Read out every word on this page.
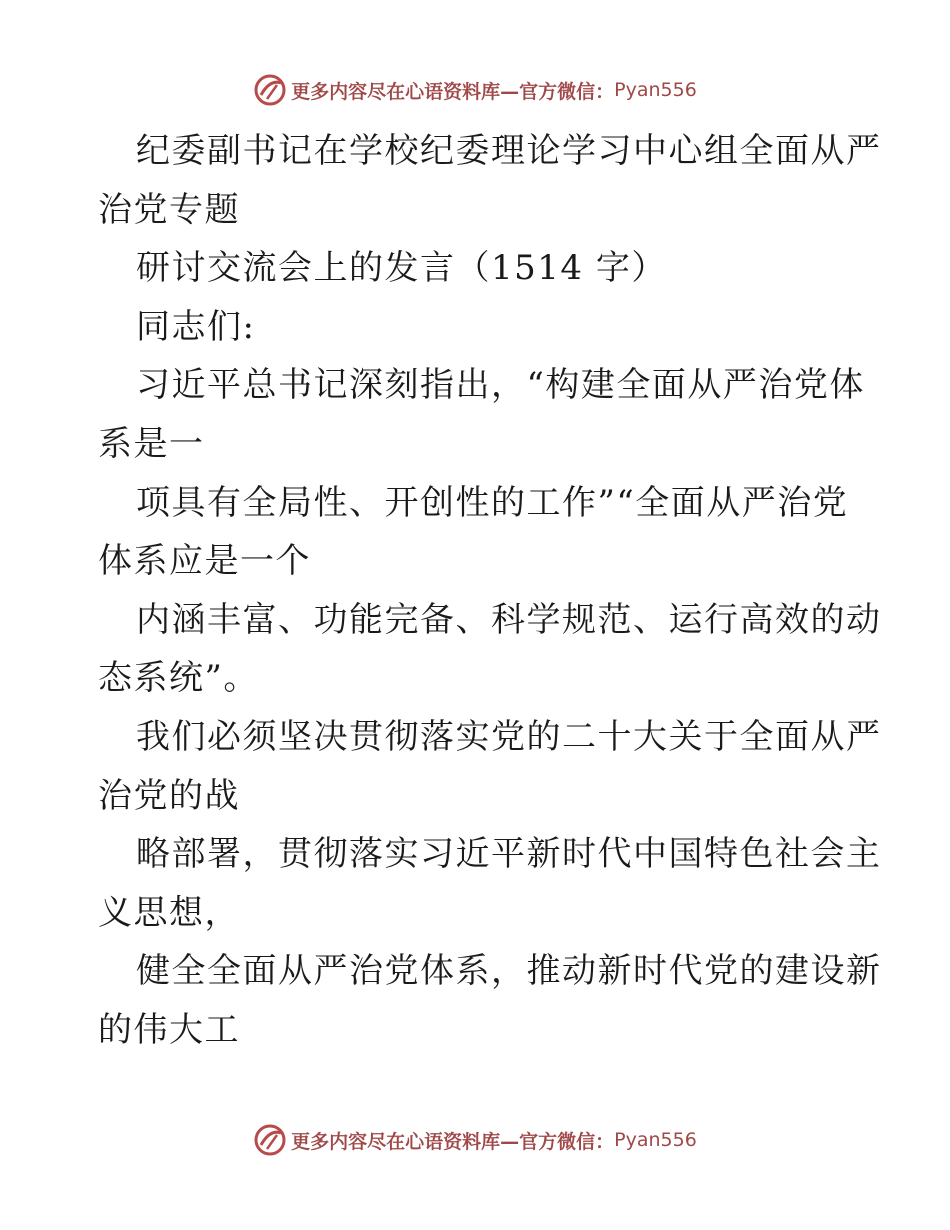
更多内容尽在心语资料库—官方微信： Pyan556
纪委副书记在学校纪委理论学习中心组全面从严
治党专题
研讨交流会上的发言（1514 字）
同志们:
习近平总书记深刻指出，“构建全面从严治党体
系是一
项具有全局性、开创性的工作”“全面从严治党
体系应是一个
内涵丰富、功能完备、科学规范、运行高效的动
态系统”。
我们必须坚决贯彻落实党的二十大关于全面从严
治党的战
略部署，贯彻落实习近平新时代中国特色社会主
义思想，
健全全面从严治党体系，推动新时代党的建设新
的伟大工
更多内容尽在心语资料库—官方微信： Pyan556
